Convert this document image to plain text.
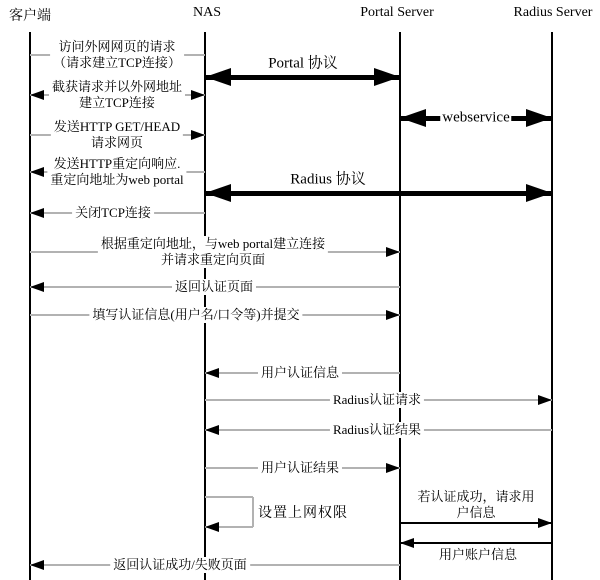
客户端	NAS	Portal Server	Radius Server
访问外网网页的请求
（请求建立TCP连接）
截获请求并以外网地址
建立TCP连接
发送HTTP GET/HEAD
请求网页
发送HTTP重定向响应.
重定向地址为web portal
关闭TCP连接
根据重定向地址，与web portal建立连接
并请求重定向页面
返回认证页面
填写认证信息(用户名/口令等)并提交
用户认证信息
Radius认证请求
Radius认证结果
用户认证结果
若认证成功，请求用
户信息
用户账户信息
返回认证成功/失败页面
Portal 协议
webservice
Radius 协议
设置上网权限
